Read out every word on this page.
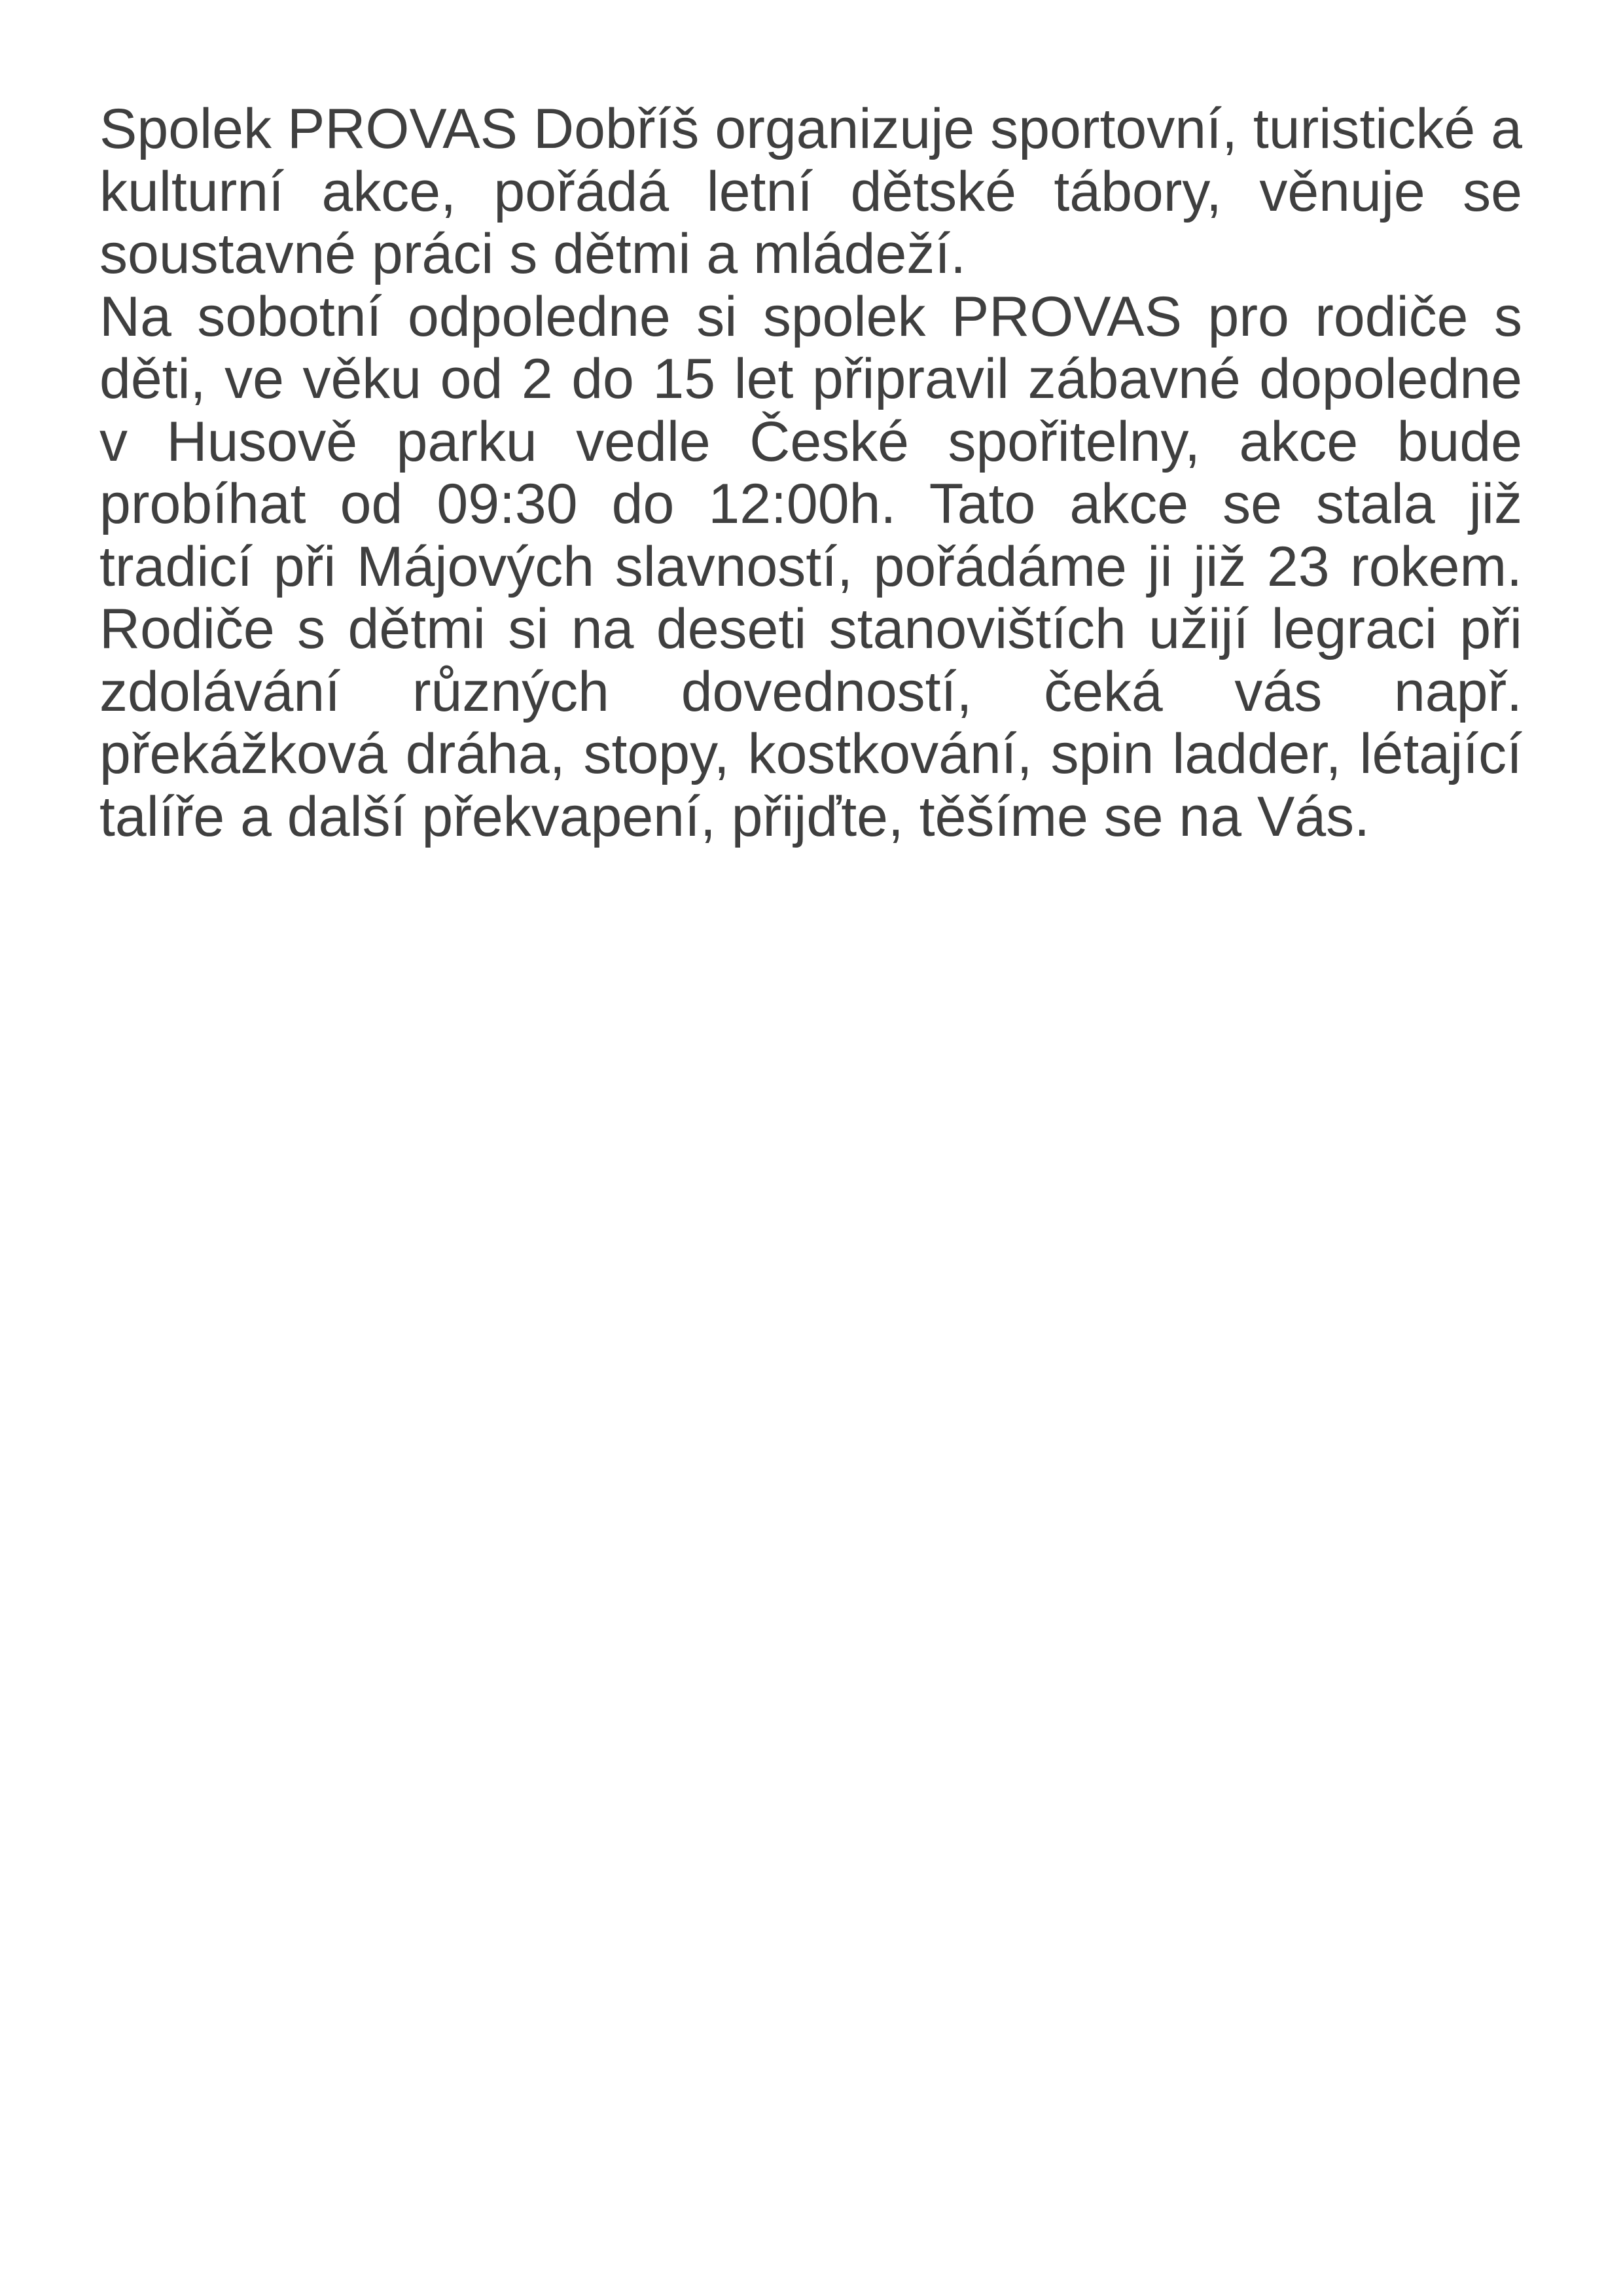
Spolek PROVAS Dobříš organizuje sportovní, turistické a kulturní akce, pořádá letní dětské tábory, věnuje se soustavné práci s dětmi a mládeží.

Na sobotní odpoledne si spolek PROVAS pro rodiče s děti, ve věku od 2 do 15 let připravil zábavné dopoledne v Husově parku vedle České spořitelny, akce bude probíhat od 09:30 do 12:00h. Tato akce se stala již tradicí při Májových slavností, pořádáme ji již 23 rokem. Rodiče s dětmi si na deseti stanovištích užijí legraci při zdolávání různých dovedností, čeká vás např. překážková dráha, stopy, kostkování, spin ladder, létající talíře a další překvapení, přijďte, těšíme se na Vás.
